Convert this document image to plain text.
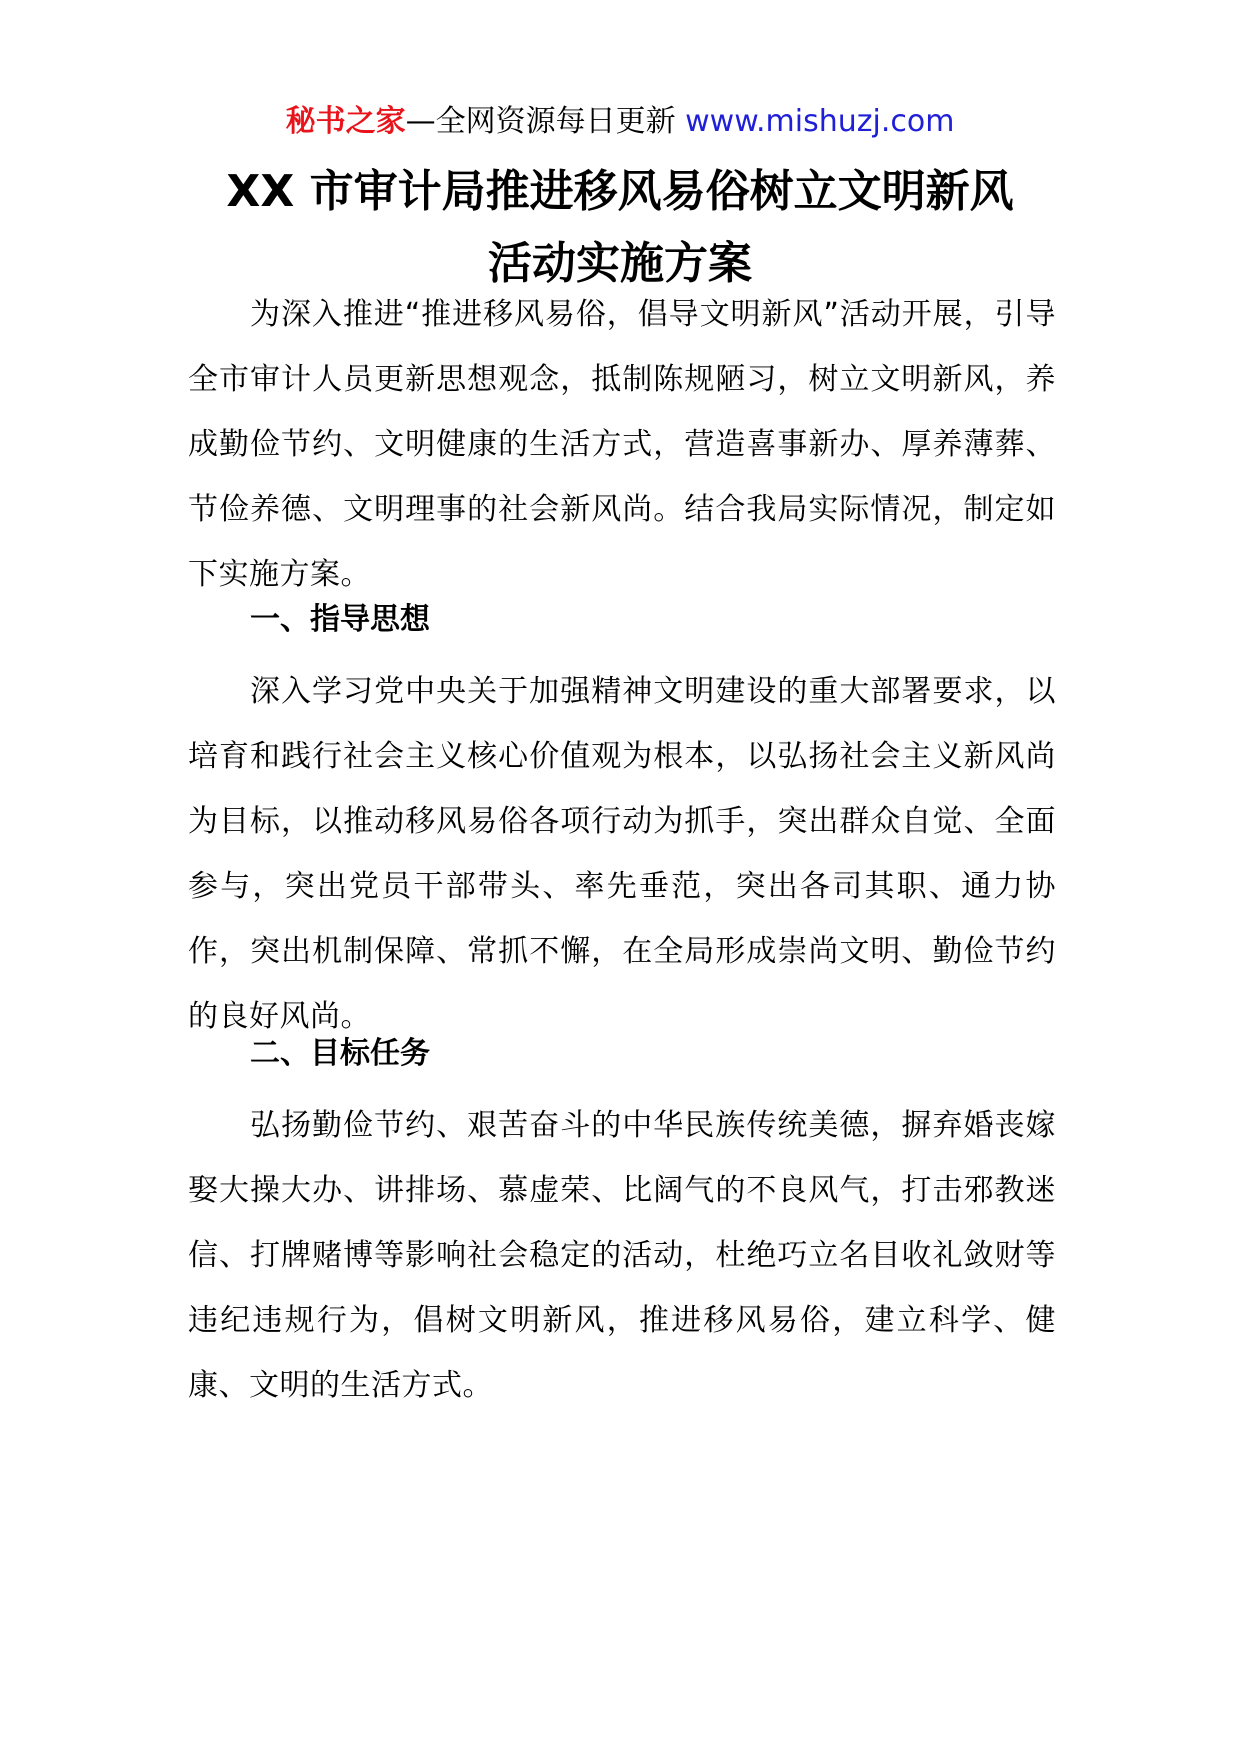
秘书之家—全网资源每日更新 www.mishuzj.com
XX 市审计局推进移风易俗树立文明新风
活动实施方案

为深入推进“推进移风易俗，倡导文明新风”活动开展，引导全市审计人员更新思想观念，抵制陈规陋习，树立文明新风，养成勤俭节约、文明健康的生活方式，营造喜事新办、厚养薄葬、节俭养德、文明理事的社会新风尚。结合我局实际情况，制定如下实施方案。

一、指导思想

深入学习党中央关于加强精神文明建设的重大部署要求，以培育和践行社会主义核心价值观为根本，以弘扬社会主义新风尚为目标，以推动移风易俗各项行动为抓手，突出群众自觉、全面参与，突出党员干部带头、率先垂范，突出各司其职、通力协作，突出机制保障、常抓不懈，在全局形成崇尚文明、勤俭节约的良好风尚。

二、目标任务

弘扬勤俭节约、艰苦奋斗的中华民族传统美德，摒弃婚丧嫁娶大操大办、讲排场、慕虚荣、比阔气的不良风气，打击邪教迷信、打牌赌博等影响社会稳定的活动，杜绝巧立名目收礼敛财等违纪违规行为，倡树文明新风，推进移风易俗，建立科学、健康、文明的生活方式。
